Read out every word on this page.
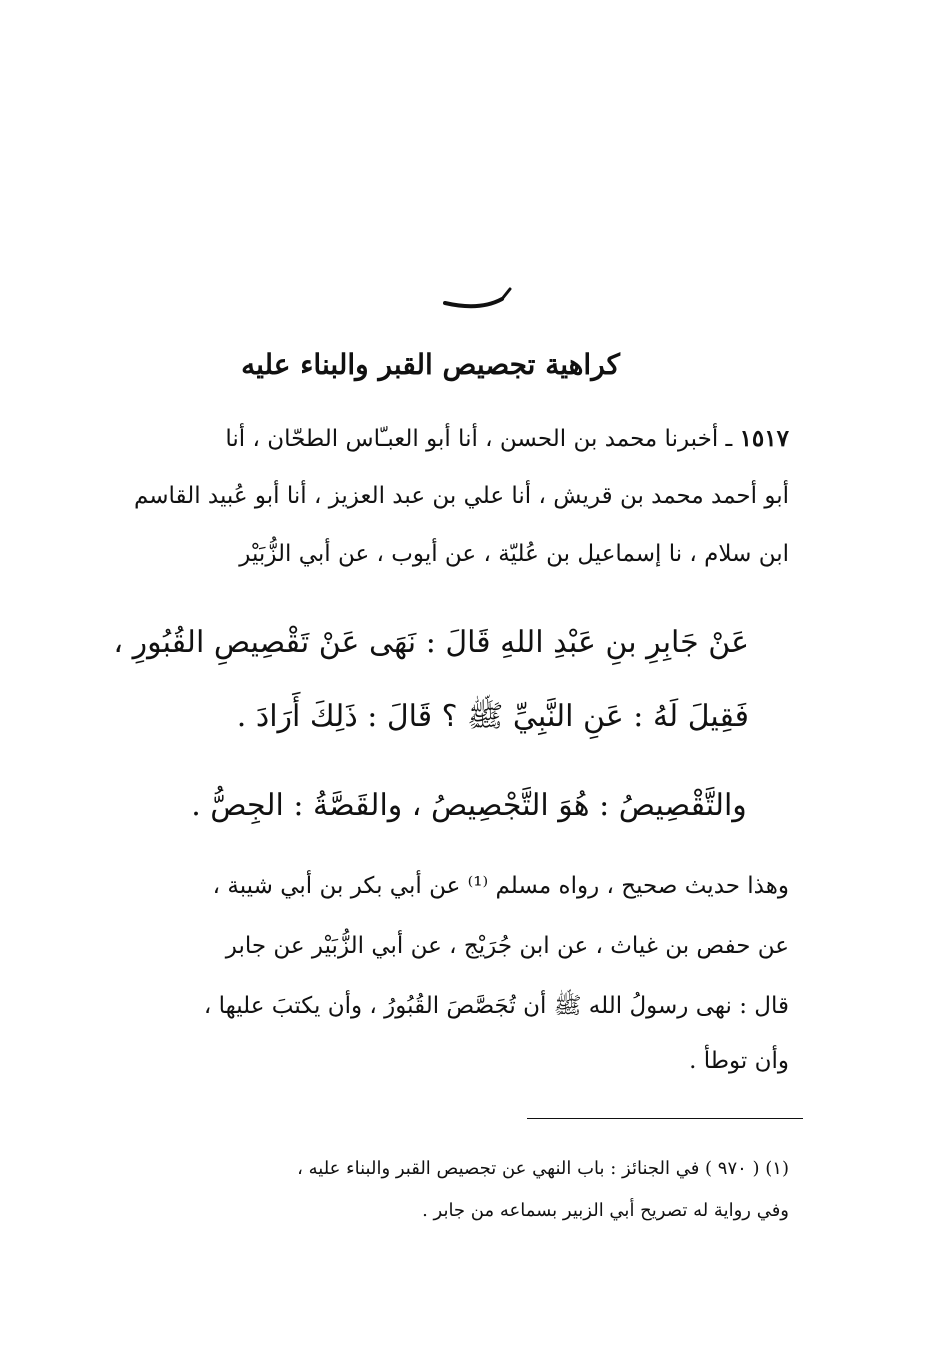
كراهية تجصيص القبر والبناء عليه
١٥١٧ ـ أخبرنا محمد بن الحسن ، أنا أبو العبـّاس الطحّان ، أنا
أبو أحمد محمد بن قريش ، أنا علي بن عبد العزيز ، أنا أبو عُبيد القاسم
ابن سلام ، نا إسماعيل بن عُليّة ، عن أيوب ، عن أبي الزُّبَيْر
عَنْ جَابِرِ بنِ عَبْدِ اللهِ قَالَ : نَهَى عَنْ تَقْصِيصِ القُبُورِ ،
فَقِيلَ لَهُ : عَنِ النَّبِيِّ ﷺ ؟ قَالَ : ذَلِكَ أَرَادَ .
والتَّقْصِيصُ : هُوَ التَّجْصِيصُ ، والقَصَّةُ : الجِصُّ .
وهذا حديث صحيح ، رواه مسلم ⁽¹⁾ عن أبي بكر بن أبي شيبة ،
عن حفص بن غياث ، عن ابن جُرَيْج ، عن أبي الزُّبَيْر عن جابر
قال : نهى رسولُ الله ﷺ أن تُجَصَّصَ القُبُورُ ، وأن يكتبَ عليها ،
وأن توطأ .
(١) ( ٩٧٠ ) في الجنائز : باب النهي عن تجصيص القبر والبناء عليه ،
وفي رواية له تصريح أبي الزبير بسماعه من جابر .
